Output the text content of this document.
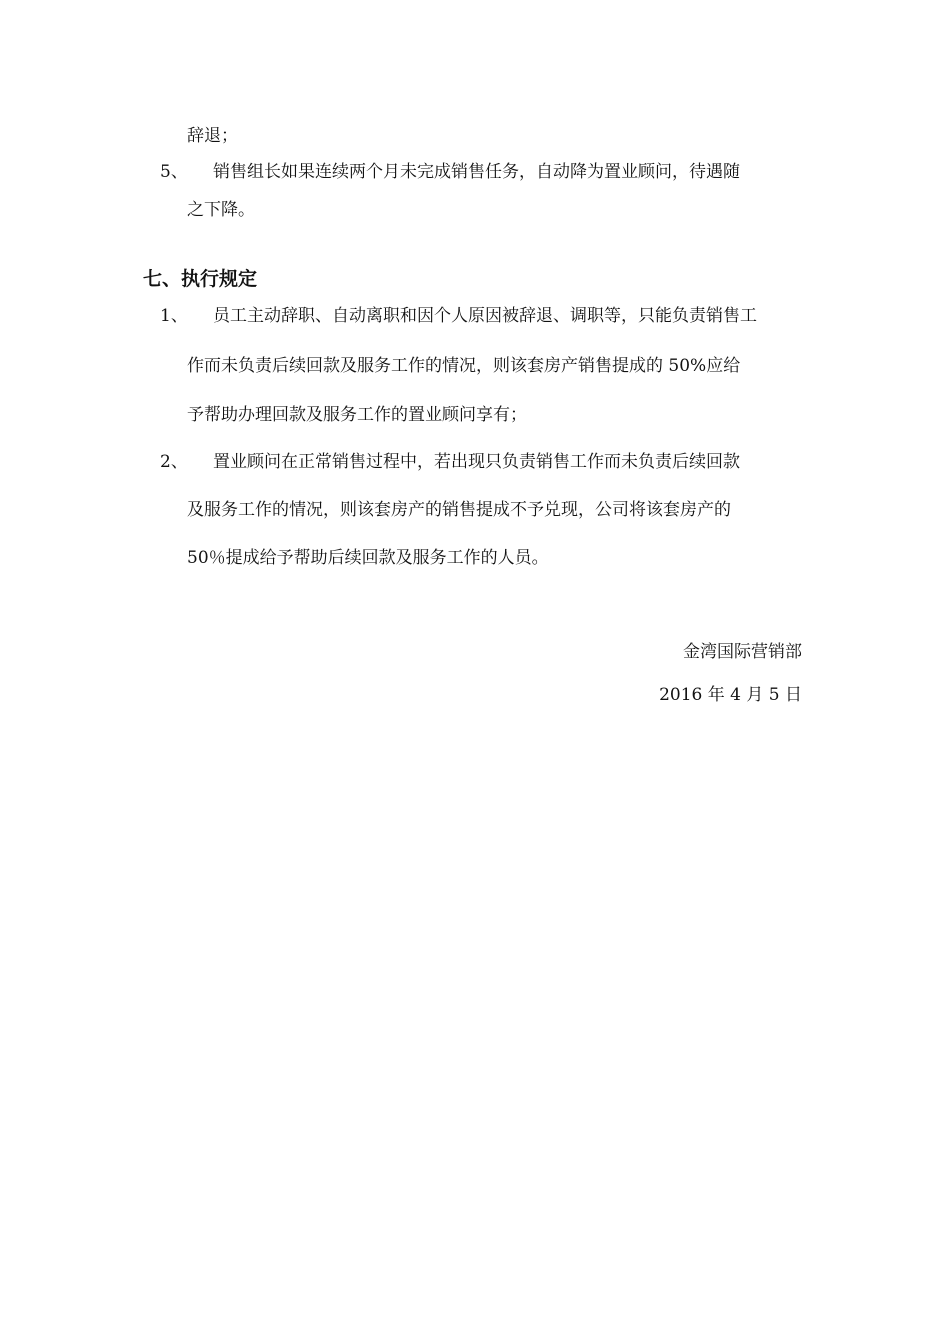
辞退；
5、 销售组长如果连续两个月未完成销售任务，自动降为置业顾问，待遇随
之下降。
七、执行规定
1、 员工主动辞职、自动离职和因个人原因被辞退、调职等，只能负责销售工
作而未负责后续回款及服务工作的情况，则该套房产销售提成的 50%应给
予帮助办理回款及服务工作的置业顾问享有；
2、 置业顾问在正常销售过程中，若出现只负责销售工作而未负责后续回款
及服务工作的情况，则该套房产的销售提成不予兑现，公司将该套房产的
50％提成给予帮助后续回款及服务工作的人员。
金湾国际营销部
2016 年 4 月 5 日
